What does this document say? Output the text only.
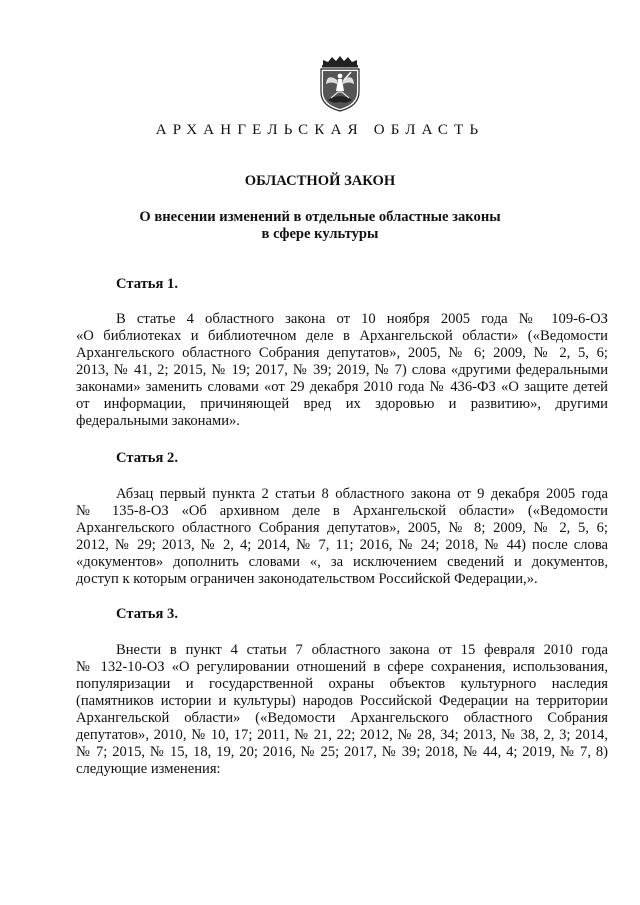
АРХАНГЕЛЬСКАЯ ОБЛАСТЬ

ОБЛАСТНОЙ ЗАКОН

О внесении изменений в отдельные областные законы

в сфере культуры

Статья 1.

В статье 4 областного закона от 10 ноября 2005 года № 109-6-ОЗ

«О библиотеках и библиотечном деле в Архангельской области» («Ведомости

Архангельского областного Собрания депутатов», 2005, № 6; 2009, № 2, 5, 6;

2013, № 41, 2; 2015, № 19; 2017, № 39; 2019, № 7) слова «другими федеральными

законами» заменить словами «от 29 декабря 2010 года № 436-ФЗ «О защите детей

от информации, причиняющей вред их здоровью и развитию», другими

федеральными законами».

Статья 2.

Абзац первый пункта 2 статьи 8 областного закона от 9 декабря 2005 года

№ 135-8-ОЗ «Об архивном деле в Архангельской области» («Ведомости

Архангельского областного Собрания депутатов», 2005, № 8; 2009, № 2, 5, 6;

2012, № 29; 2013, № 2, 4; 2014, № 7, 11; 2016, № 24; 2018, № 44) после слова

«документов» дополнить словами «, за исключением сведений и документов,

доступ к которым ограничен законодательством Российской Федерации,».

Статья 3.

Внести в пункт 4 статьи 7 областного закона от 15 февраля 2010 года

№ 132-10-ОЗ «О регулировании отношений в сфере сохранения, использования,

популяризации и государственной охраны объектов культурного наследия

(памятников истории и культуры) народов Российской Федерации на территории

Архангельской области» («Ведомости Архангельского областного Собрания

депутатов», 2010, № 10, 17; 2011, № 21, 22; 2012, № 28, 34; 2013, № 38, 2, 3; 2014,

№ 7; 2015, № 15, 18, 19, 20; 2016, № 25; 2017, № 39; 2018, № 44, 4; 2019, № 7, 8)

следующие изменения:
